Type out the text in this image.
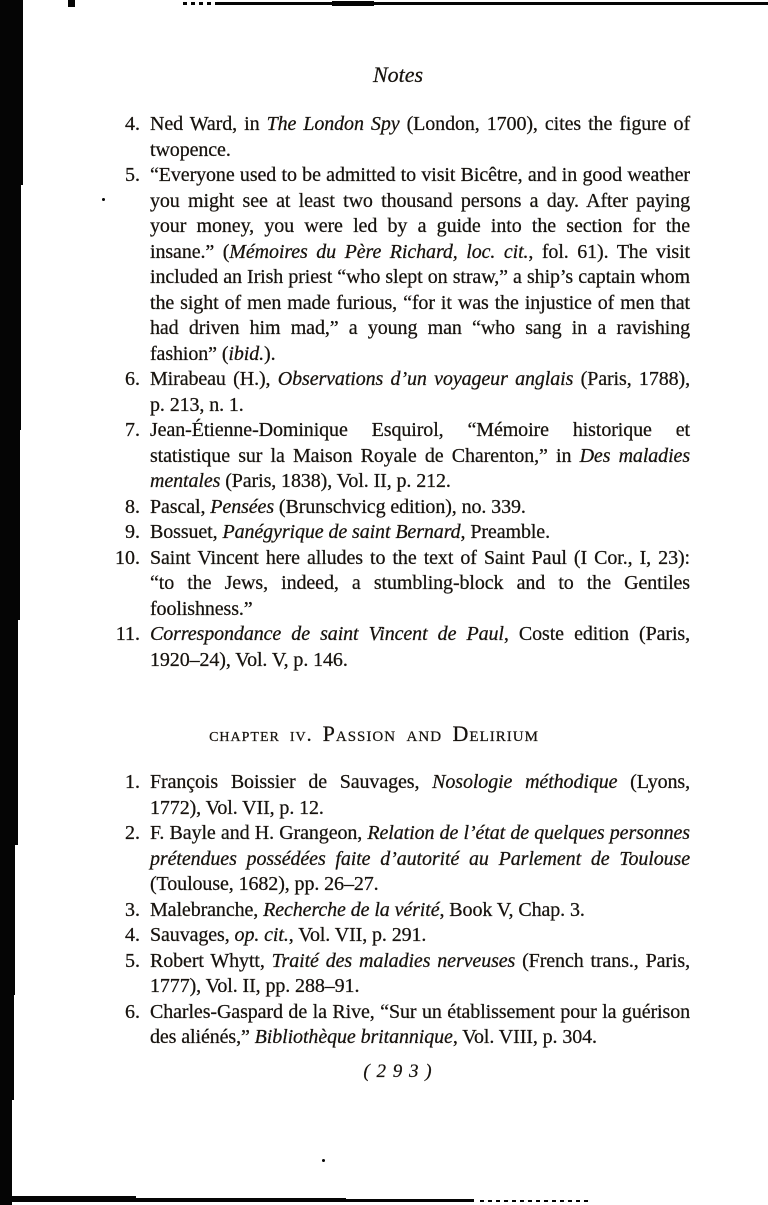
Notes
4. Ned Ward, in The London Spy (London, 1700), cites the figure of twopence.
5. “Everyone used to be admitted to visit Bicêtre, and in good weather you might see at least two thousand persons a day. After paying your money, you were led by a guide into the section for the insane.” (Mémoires du Père Richard, loc. cit., fol. 61). The visit included an Irish priest “who slept on straw,” a ship’s captain whom the sight of men made furious, “for it was the injustice of men that had driven him mad,” a young man “who sang in a ravishing fashion” (ibid.).
6. Mirabeau (H.), Observations d’un voyageur anglais (Paris, 1788), p. 213, n. 1.
7. Jean-Étienne-Dominique Esquirol, “Mémoire historique et statistique sur la Maison Royale de Charenton,” in Des maladies mentales (Paris, 1838), Vol. II, p. 212.
8. Pascal, Pensées (Brunschvicg edition), no. 339.
9. Bossuet, Panégyrique de saint Bernard, Preamble.
10. Saint Vincent here alludes to the text of Saint Paul (I Cor., I, 23): “to the Jews, indeed, a stumbling-block and to the Gentiles foolishness.”
11. Correspondance de saint Vincent de Paul, Coste edition (Paris, 1920–24), Vol. V, p. 146.
chapter iv. Passion and Delirium
1. François Boissier de Sauvages, Nosologie méthodique (Lyons, 1772), Vol. VII, p. 12.
2. F. Bayle and H. Grangeon, Relation de l’état de quelques personnes prétendues possédées faite d’autorité au Parlement de Toulouse (Toulouse, 1682), pp. 26–27.
3. Malebranche, Recherche de la vérité, Book V, Chap. 3.
4. Sauvages, op. cit., Vol. VII, p. 291.
5. Robert Whytt, Traité des maladies nerveuses (French trans., Paris, 1777), Vol. II, pp. 288–91.
6. Charles-Gaspard de la Rive, “Sur un établissement pour la guérison des aliénés,” Bibliothèque britannique, Vol. VIII, p. 304.
( 2 9 3 )
